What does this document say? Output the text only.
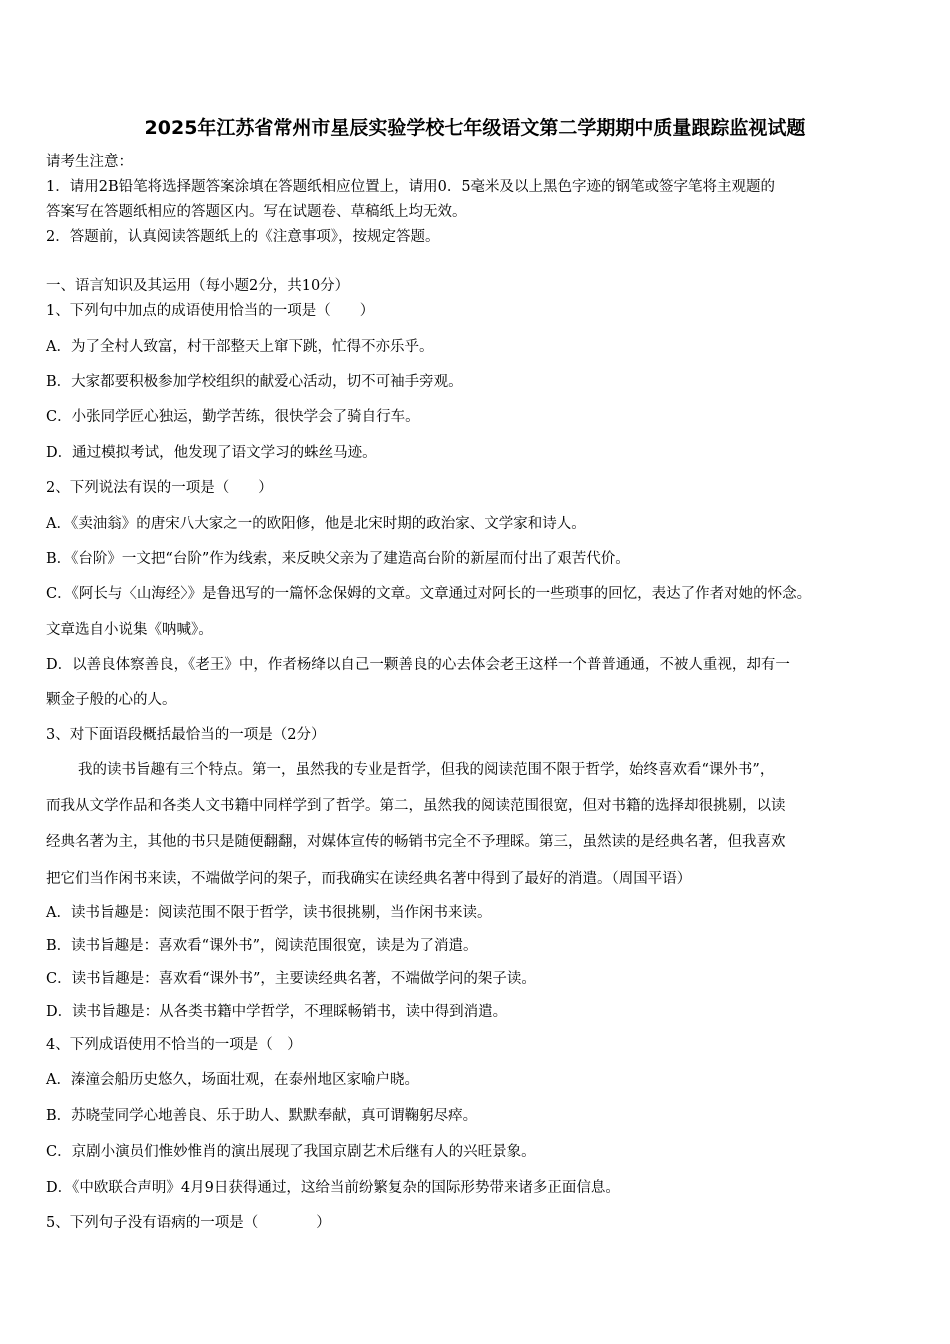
2025年江苏省常州市星辰实验学校七年级语文第二学期期中质量跟踪监视试题
请考生注意：
1．请用2B铅笔将选择题答案涂填在答题纸相应位置上，请用0．5毫米及以上黑色字迹的钢笔或签字笔将主观题的
答案写在答题纸相应的答题区内。写在试题卷、草稿纸上均无效。
2．答题前，认真阅读答题纸上的《注意事项》，按规定答题。
一、语言知识及其运用（每小题2分，共10分）
1、下列句中加点的成语使用恰当的一项是（　　）
A．为了全村人致富，村干部整天上窜下跳，忙得不亦乐乎。
B．大家都要积极参加学校组织的献爱心活动，切不可袖手旁观。
C．小张同学匠心独运，勤学苦练，很快学会了骑自行车。
D．通过模拟考试，他发现了语文学习的蛛丝马迹。
2、下列说法有误的一项是（　　）
A．《卖油翁》的唐宋八大家之一的欧阳修，他是北宋时期的政治家、文学家和诗人。
B．《台阶》一文把“台阶”作为线索，来反映父亲为了建造高台阶的新屋而付出了艰苦代价。
C．《阿长与〈山海经〉》是鲁迅写的一篇怀念保姆的文章。文章通过对阿长的一些琐事的回忆，表达了作者对她的怀念。
文章选自小说集《呐喊》。
D．以善良体察善良，《老王》中，作者杨绛以自己一颗善良的心去体会老王这样一个普普通通，不被人重视，却有一
颗金子般的心的人。
3、对下面语段概括最恰当的一项是（2分）
我的读书旨趣有三个特点。第一，虽然我的专业是哲学，但我的阅读范围不限于哲学，始终喜欢看“课外书”，
而我从文学作品和各类人文书籍中同样学到了哲学。第二，虽然我的阅读范围很宽，但对书籍的选择却很挑剔，以读
经典名著为主，其他的书只是随便翻翻，对媒体宣传的畅销书完全不予理睬。第三，虽然读的是经典名著，但我喜欢
把它们当作闲书来读，不端做学问的架子，而我确实在读经典名著中得到了最好的消遣。（周国平语）
A．读书旨趣是：阅读范围不限于哲学，读书很挑剔，当作闲书来读。
B．读书旨趣是：喜欢看“课外书”，阅读范围很宽，读是为了消遣。
C．读书旨趣是：喜欢看“课外书”，主要读经典名著，不端做学问的架子读。
D．读书旨趣是：从各类书籍中学哲学，不理睬畅销书，读中得到消遣。
4、下列成语使用不恰当的一项是（　）
A．溱潼会船历史悠久，场面壮观，在泰州地区家喻户晓。
B．苏晓莹同学心地善良、乐于助人、默默奉献，真可谓鞠躬尽瘁。
C．京剧小演员们惟妙惟肖的演出展现了我国京剧艺术后继有人的兴旺景象。
D．《中欧联合声明》4月9日获得通过，这给当前纷繁复杂的国际形势带来诸多正面信息。
5、下列句子没有语病的一项是（　　　　）
